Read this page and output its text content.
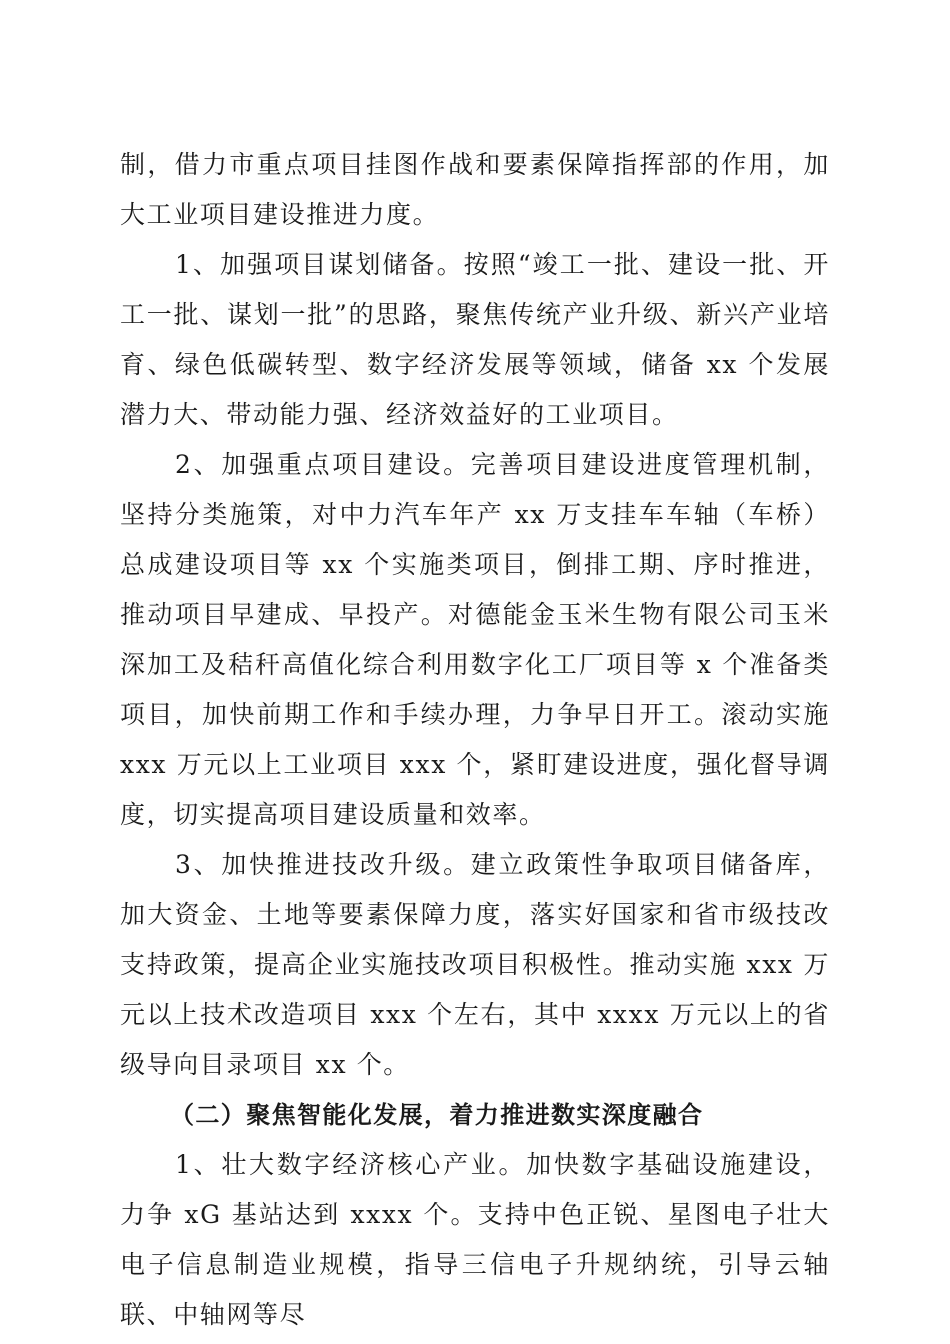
制，借力市重点项目挂图作战和要素保障指挥部的作用，加大工业项目建设推进力度。

1、加强项目谋划储备。按照“竣工一批、建设一批、开工一批、谋划一批”的思路，聚焦传统产业升级、新兴产业培育、绿色低碳转型、数字经济发展等领域，储备 xx 个发展潜力大、带动能力强、经济效益好的工业项目。

2、加强重点项目建设。完善项目建设进度管理机制，坚持分类施策，对中力汽车年产 xx 万支挂车车轴（车桥）总成建设项目等 xx 个实施类项目，倒排工期、序时推进，推动项目早建成、早投产。对德能金玉米生物有限公司玉米深加工及秸秆高值化综合利用数字化工厂项目等 x 个准备类项目，加快前期工作和手续办理，力争早日开工。滚动实施 xxx 万元以上工业项目 xxx 个，紧盯建设进度，强化督导调度，切实提高项目建设质量和效率。

3、加快推进技改升级。建立政策性争取项目储备库，加大资金、土地等要素保障力度，落实好国家和省市级技改支持政策，提高企业实施技改项目积极性。推动实施 xxx 万元以上技术改造项目 xxx 个左右，其中 xxxx 万元以上的省级导向目录项目 xx 个。

（二）聚焦智能化发展，着力推进数实深度融合

1、壮大数字经济核心产业。加快数字基础设施建设，力争 xG 基站达到 xxxx 个。支持中色正锐、星图电子壮大电子信息制造业规模，指导三信电子升规纳统，引导云轴联、中轴网等尽
